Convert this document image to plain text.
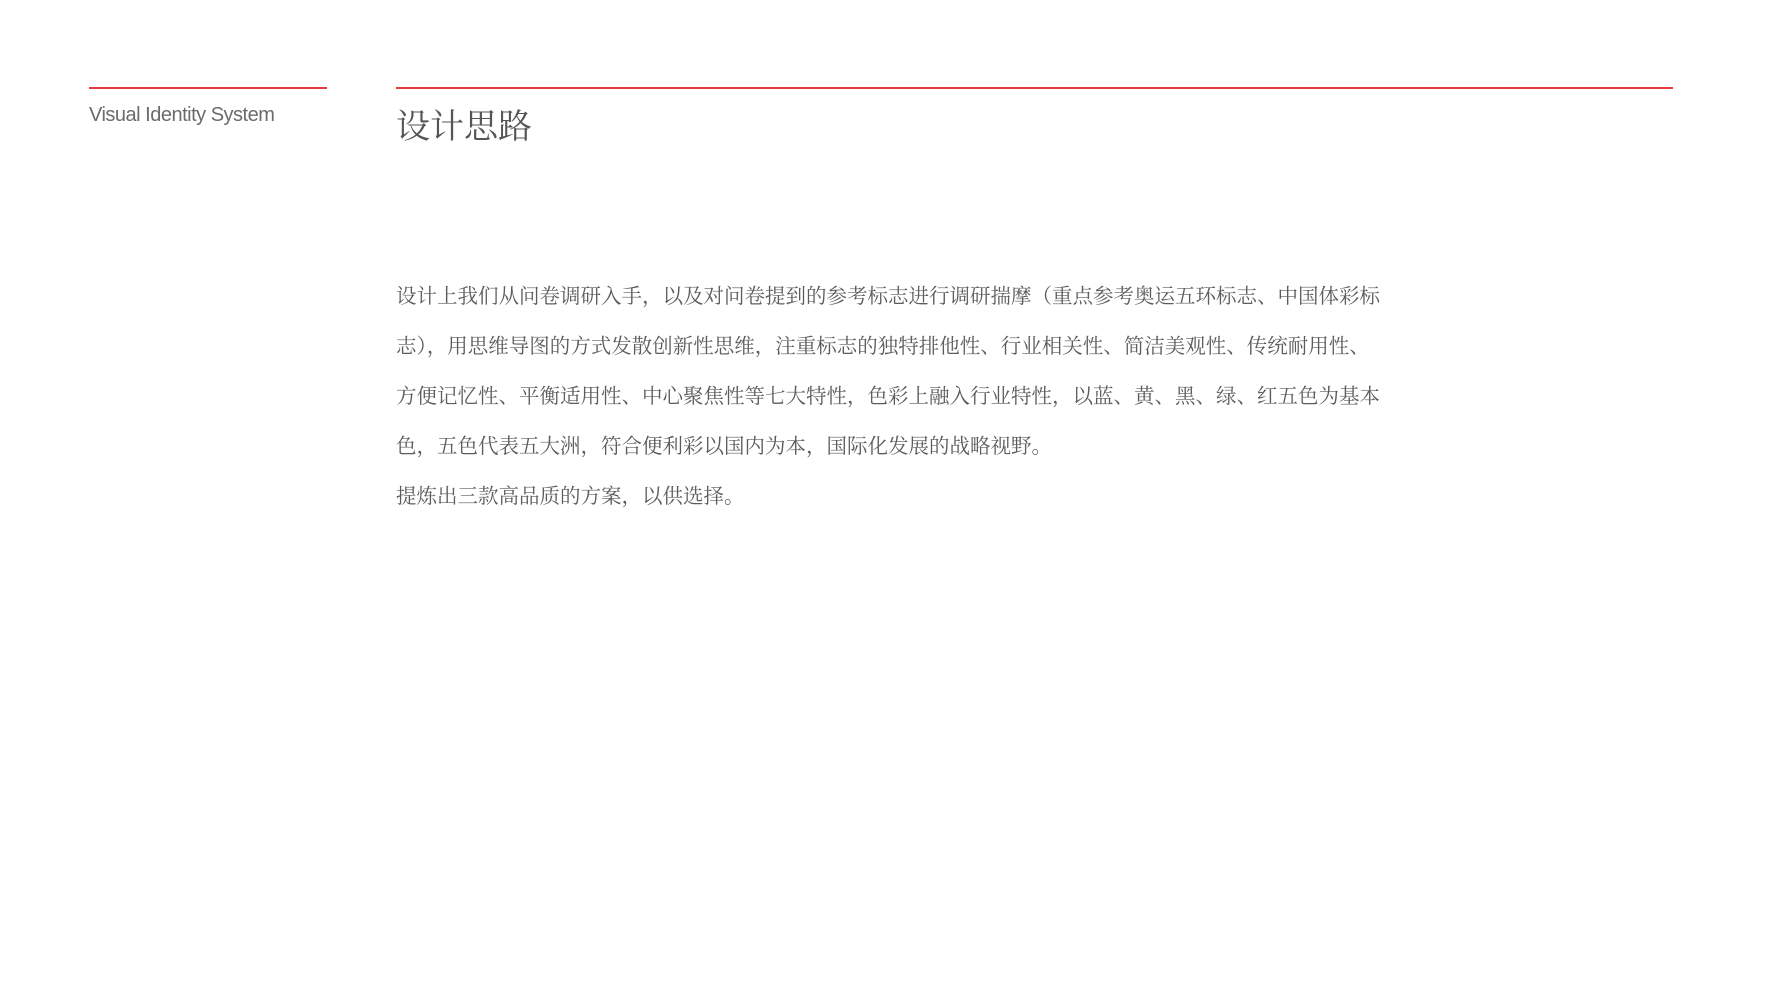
Visual Identity System	设计思路

设计上我们从问卷调研入手，以及对问卷提到的参考标志进行调研揣摩（重点参考奥运五环标志、中国体彩标志），用思维导图的方式发散创新性思维，注重标志的独特排他性、行业相关性、简洁美观性、传统耐用性、方便记忆性、平衡适用性、中心聚焦性等七大特性，色彩上融入行业特性，以蓝、黄、黑、绿、红五色为基本色，五色代表五大洲，符合便利彩以国内为本，国际化发展的战略视野。

提炼出三款高品质的方案，以供选择。
